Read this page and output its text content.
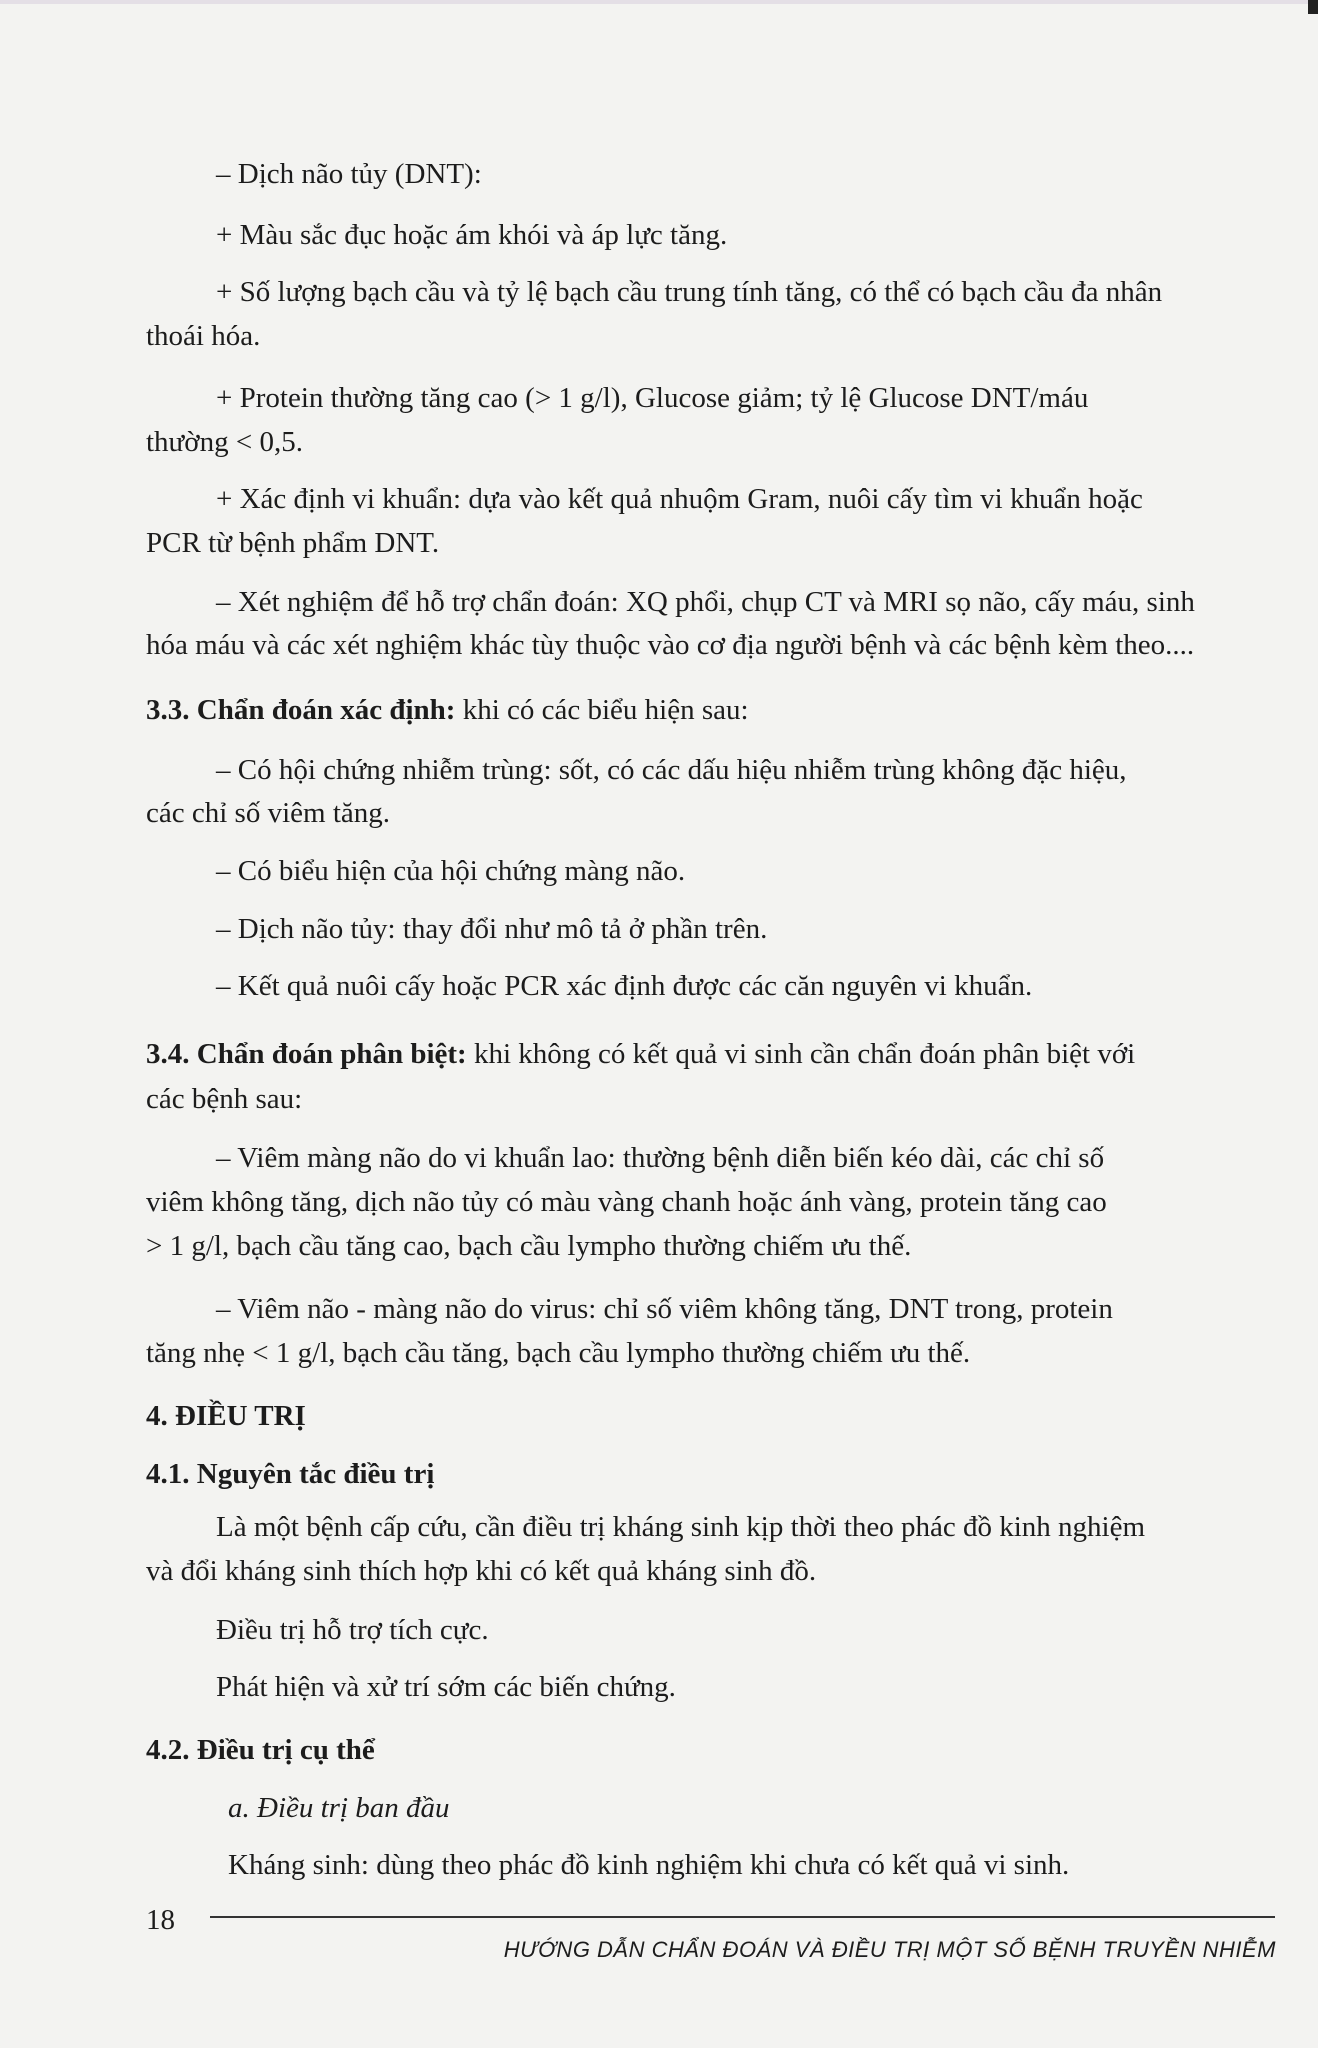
– Dịch não tủy (DNT):
+ Màu sắc đục hoặc ám khói và áp lực tăng.
+ Số lượng bạch cầu và tỷ lệ bạch cầu trung tính tăng, có thể có bạch cầu đa nhân
thoái hóa.
+ Protein thường tăng cao (> 1 g/l), Glucose giảm; tỷ lệ Glucose DNT/máu
thường < 0,5.
+ Xác định vi khuẩn: dựa vào kết quả nhuộm Gram, nuôi cấy tìm vi khuẩn hoặc
PCR từ bệnh phẩm DNT.
– Xét nghiệm để hỗ trợ chẩn đoán: XQ phổi, chụp CT và MRI sọ não, cấy máu, sinh
hóa máu và các xét nghiệm khác tùy thuộc vào cơ địa người bệnh và các bệnh kèm theo....
3.3. Chẩn đoán xác định: khi có các biểu hiện sau:
– Có hội chứng nhiễm trùng: sốt, có các dấu hiệu nhiễm trùng không đặc hiệu,
các chỉ số viêm tăng.
– Có biểu hiện của hội chứng màng não.
– Dịch não tủy: thay đổi như mô tả ở phần trên.
– Kết quả nuôi cấy hoặc PCR xác định được các căn nguyên vi khuẩn.
3.4. Chẩn đoán phân biệt: khi không có kết quả vi sinh cần chẩn đoán phân biệt với
các bệnh sau:
– Viêm màng não do vi khuẩn lao: thường bệnh diễn biến kéo dài, các chỉ số
viêm không tăng, dịch não tủy có màu vàng chanh hoặc ánh vàng, protein tăng cao
> 1 g/l, bạch cầu tăng cao, bạch cầu lympho thường chiếm ưu thế.
– Viêm não - màng não do virus: chỉ số viêm không tăng, DNT trong, protein
tăng nhẹ < 1 g/l, bạch cầu tăng, bạch cầu lympho thường chiếm ưu thế.
4. ĐIỀU TRỊ
4.1. Nguyên tắc điều trị
Là một bệnh cấp cứu, cần điều trị kháng sinh kịp thời theo phác đồ kinh nghiệm
và đổi kháng sinh thích hợp khi có kết quả kháng sinh đồ.
Điều trị hỗ trợ tích cực.
Phát hiện và xử trí sớm các biến chứng.
4.2. Điều trị cụ thể
a. Điều trị ban đầu
Kháng sinh: dùng theo phác đồ kinh nghiệm khi chưa có kết quả vi sinh.
18
HƯỚNG DẪN CHẨN ĐOÁN VÀ ĐIỀU TRỊ MỘT SỐ BỆNH TRUYỀN NHIỄM
